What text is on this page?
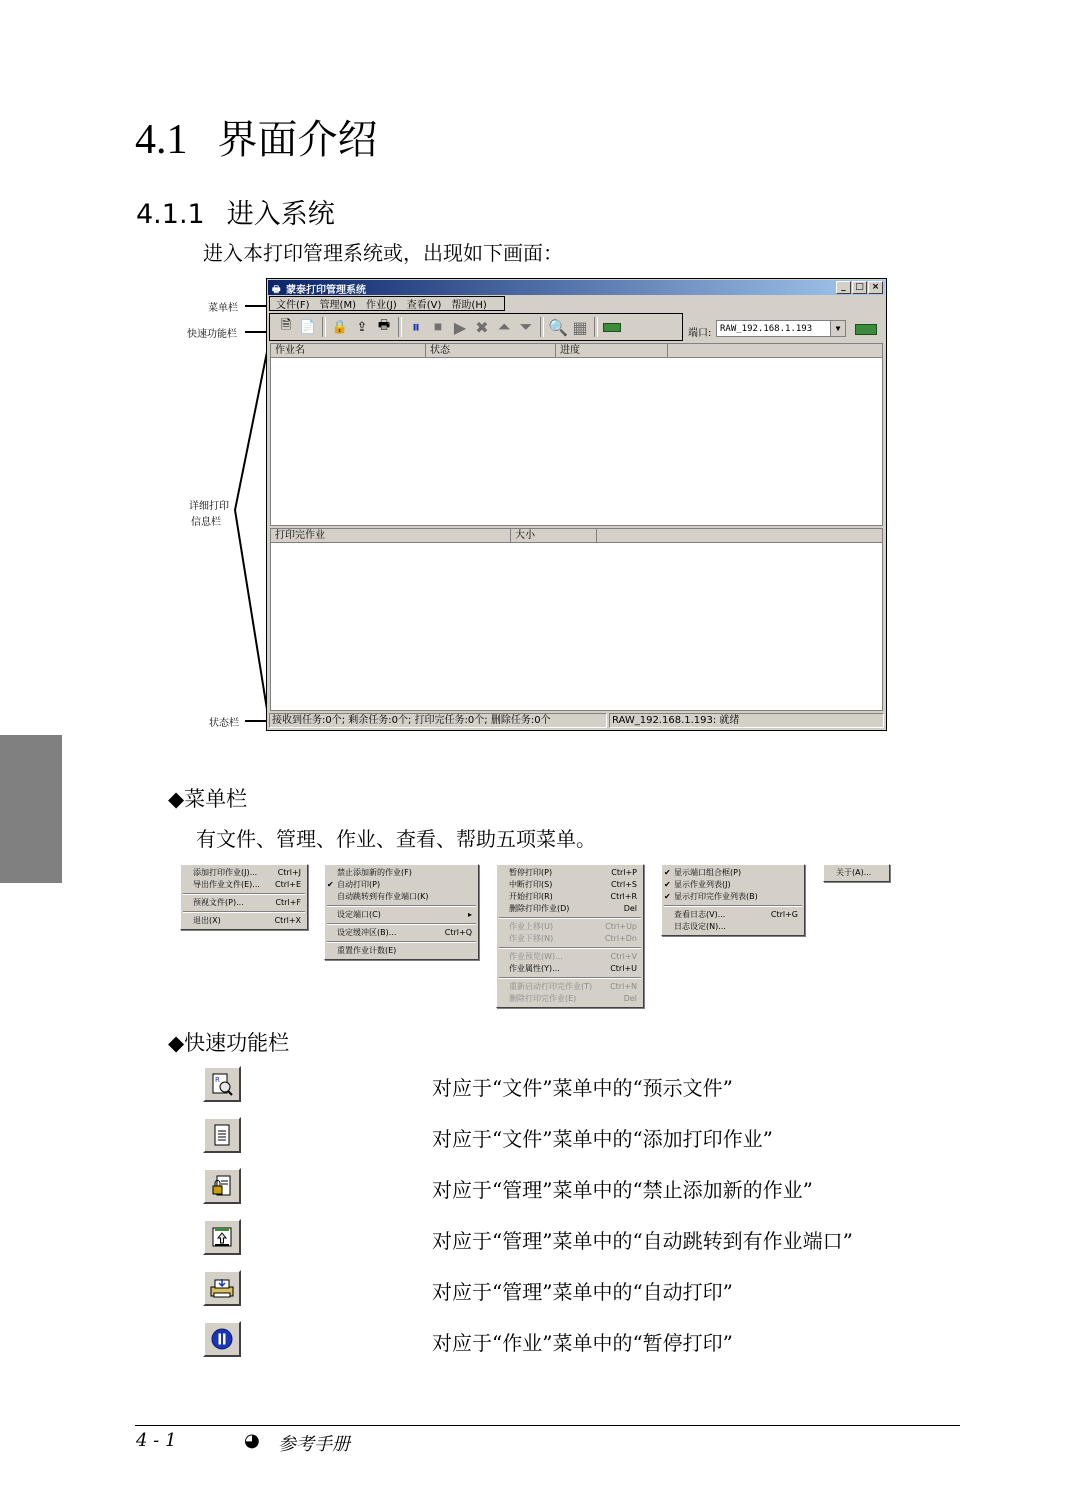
4.1 界面介绍
4.1.1 进入系统
进入本打印管理系统或，出现如下画面：
菜单栏
快速功能栏
详细打印
信息栏
状态栏
🖶 蒙泰打印管理系统	_	□ ×
文件(F) 管理(M) 作业(J) 查看(V) 帮助(H)
🗎 📄 🔒 ⇪ 🖶	⏸ ⏹ ▶ ✖ ⏶ ⏷ 🔍 ▦	端口: RAW_192.168.1.193	▼
作业名	状态	进度
打印完作业	大小
接收到任务:0个; 剩余任务:0个; 打印完任务:0个; 删除任务:0个	RAW_192.168.1.193: 就绪
◆菜单栏
有文件、管理、作业、查看、帮助五项菜单。
添加打印作业(J)...	Ctrl+J
导出作业文件(E)... Ctrl+E
预视文件(P)...	Ctrl+F
退出(X)	Ctrl+X
禁止添加新的作业(F)
✔ 自动打印(P)
自动跳转到有作业端口(K)
设定端口(C)	▸
设定缓冲区(B)...	Ctrl+Q
重置作业计数(E)
暂停打印(P)	Ctrl+P
中断打印(S)	Ctrl+S
开始打印(R)	Ctrl+R
删除打印作业(D)	Del
作业上移(U)	Ctrl+Up
作业下移(N)	Ctrl+Dn
作业预览(W)...	Ctrl+V
作业属性(Y)...	Ctrl+U
重新启动打印完作业(T) Ctrl+N
删除打印完作业(E)	Del
✔ 显示端口组合框(P)
✔ 显示作业列表(J)
✔ 显示打印完作业列表(B)
查看日志(V)...	Ctrl+G
日志设定(N)...
关于(A)...
◆快速功能栏
R	对应于“文件”菜单中的“预示文件”
对应于“文件”菜单中的“添加打印作业”
对应于“管理”菜单中的“禁止添加新的作业”
对应于“管理”菜单中的“自动跳转到有作业端口”
对应于“管理”菜单中的“自动打印”
对应于“作业”菜单中的“暂停打印”
4 - 1	◕ 参考手册
